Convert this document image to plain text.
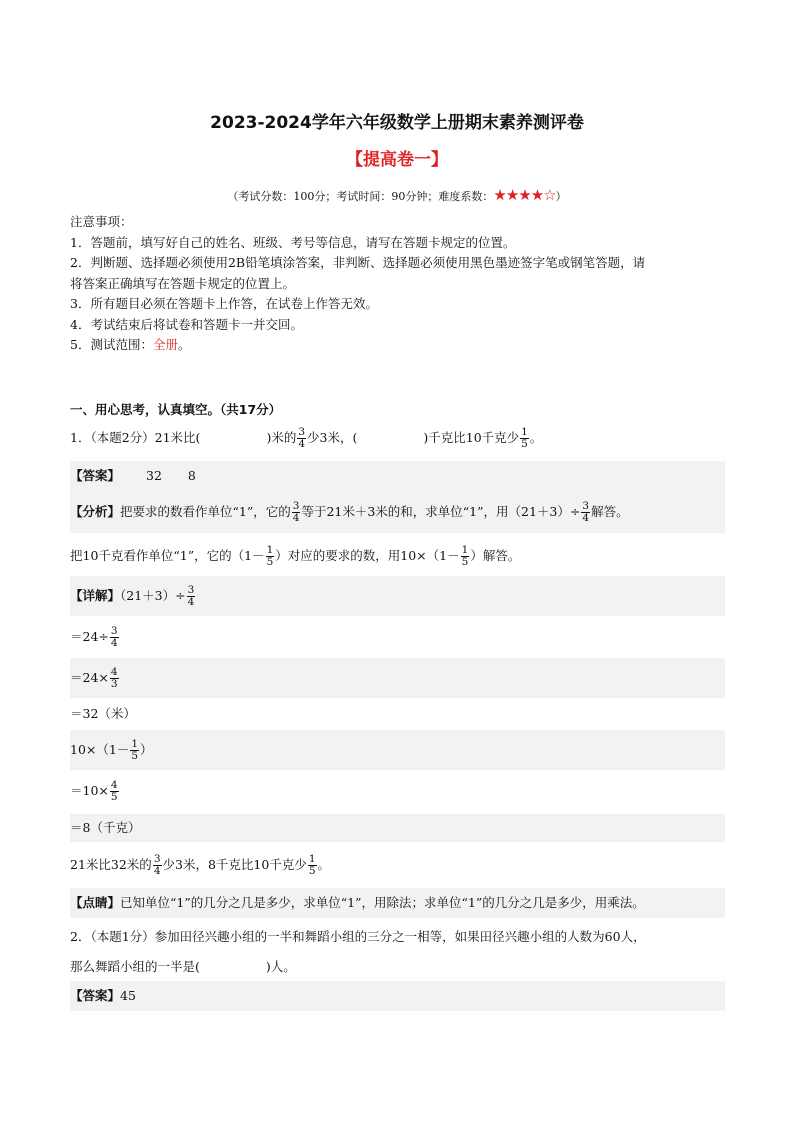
2023-2024学年六年级数学上册期末素养测评卷
【提高卷一】
（考试分数：100分；考试时间：90分钟；难度系数：★★★★☆）
注意事项：
1．答题前，填写好自己的姓名、班级、考号等信息，请写在答题卡规定的位置。
2．判断题、选择题必须使用2B铅笔填涂答案，非判断、选择题必须使用黑色墨迹签字笔或钢笔答题，请
将答案正确填写在答题卡规定的位置上。
3．所有题目必须在答题卡上作答，在试卷上作答无效。
4．考试结束后将试卷和答题卡一并交回。
5．测试范围：全册。
一、用心思考，认真填空。（共17分）
1．（本题2分）21米比(	)米的 $\frac{3}{4}$ 少3米，(	)千克比10千克少 $\frac{1}{5}$ 。
【答案】 32 8
【分析】把要求的数看作单位“1”，它的 $\frac{3}{4}$ 等于21米＋3米的和，求单位“1”，用$(21+3)\div \frac{3}{4}$ 解答。
把10千克看作单位“1”，它的（$1- \frac{1}{5}$ ）对应的要求的数，用$10\times(1- \frac{1}{5}$ ）解答。
【详解】$(21+3)\div \frac{3}{4}$
$=24\div \frac{3}{4}$
$=24\times \frac{4}{3}$
＝32（米）
$10\times(1- \frac{1}{5}$ ）
$=10\times \frac{4}{5}$
＝8（千克）
21米比32米的 $\frac{3}{4}$ 少3米，8千克比10千克少 $\frac{1}{5}$ 。
【点睛】已知单位“1”的几分之几是多少，求单位“1”，用除法；求单位“1”的几分之几是多少，用乘法。
2．（本题1分）参加田径兴趣小组的一半和舞蹈小组的三分之一相等，如果田径兴趣小组的人数为60人，
那么舞蹈小组的一半是(	)人。
【答案】45
